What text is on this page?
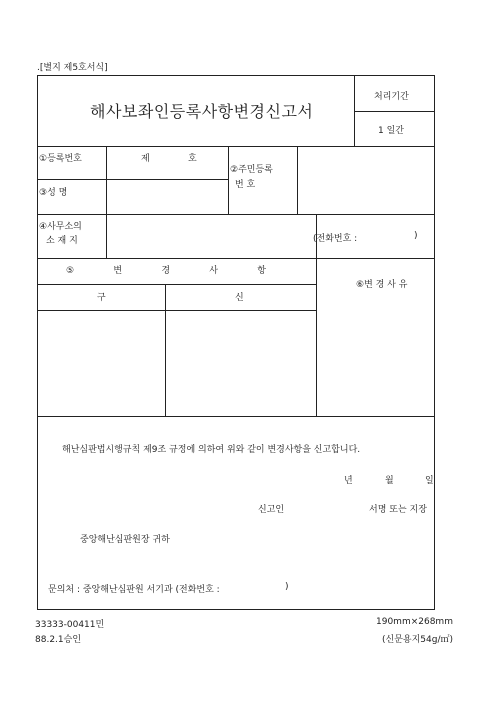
.[별지 제5호서식]
해사보좌인등록사항변경신고서
처리기간
1 일간
①등록번호	제	호
②주민등록
번 호
③성 명
④사무소의
소 재 지	(전화번호 :	)
⑤	변	경	사	항
구	신
⑥변 경 사 유
해난심판법시행규칙 제9조 규정에 의하여 위와 같이 변경사항을 신고합니다.
년	월	일
신고인	서명 또는 지장
중앙해난심판원장 귀하
문의처 : 중앙해난심판원 서기과 (전화번호 :	)
33333-00411민
88.2.1승인
190mm×268mm
(신문용지54g/㎡)
